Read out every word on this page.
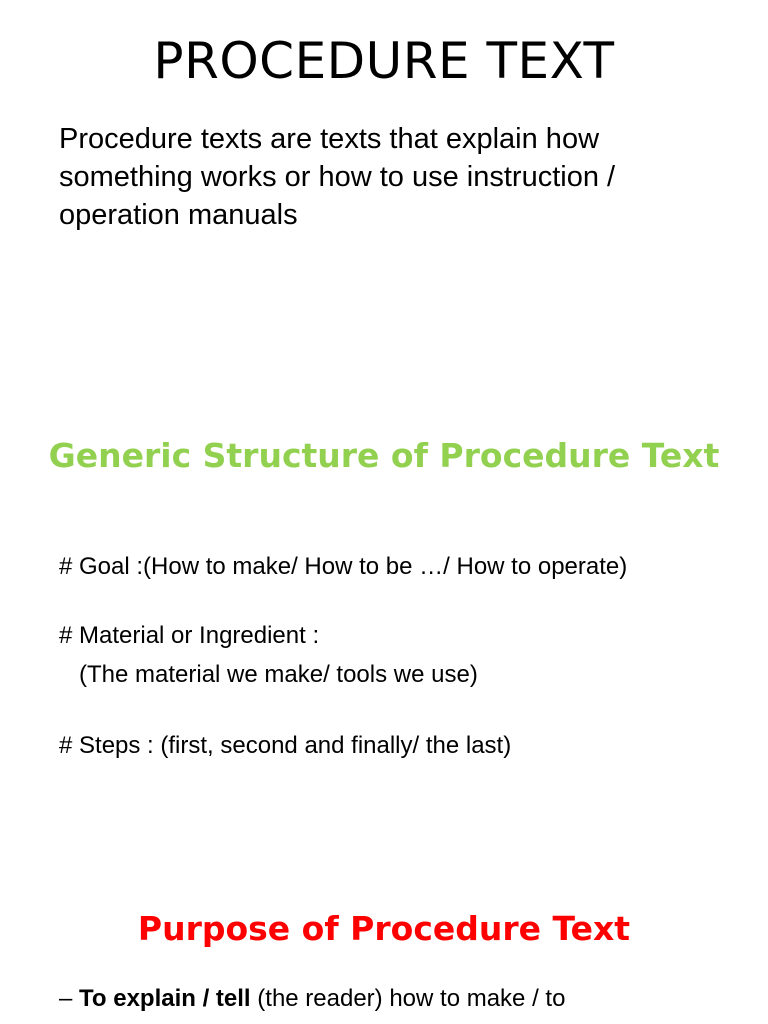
PROCEDURE TEXT
Procedure texts are texts that explain how something works or how to use instruction / operation manuals
Generic Structure of Procedure Text
# Goal :(How to make/ How to be …/ How to operate)
# Material or Ingredient :
(The material we make/ tools we use)
# Steps : (first, second and finally/ the last)
Purpose of Procedure Text
– To explain / tell (the reader) how to make / to
